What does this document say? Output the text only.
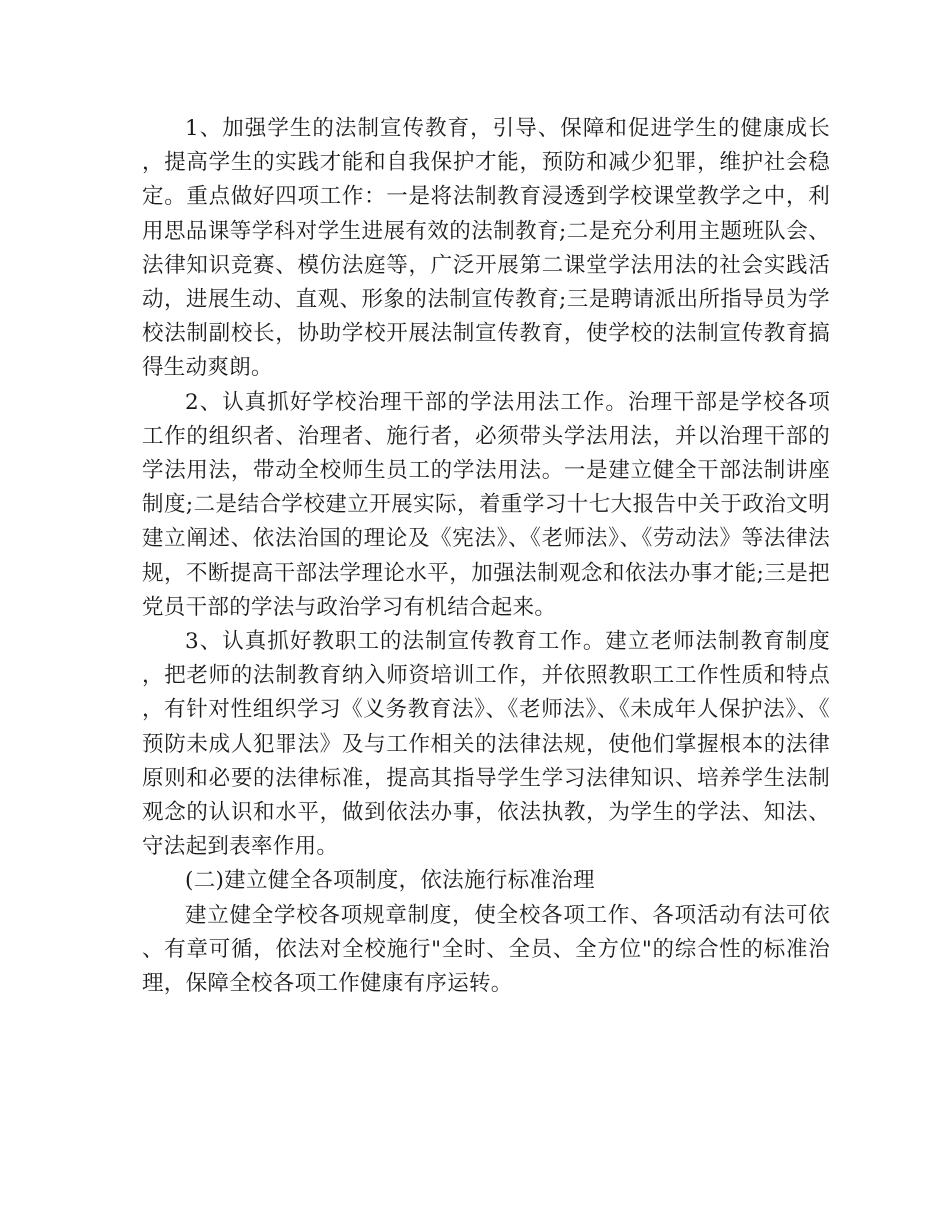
1、加强学生的法制宣传教育，引导、保障和促进学生的健康成长，提高学生的实践才能和自我保护才能，预防和减少犯罪，维护社会稳定。重点做好四项工作：一是将法制教育浸透到学校课堂教学之中，利用思品课等学科对学生进展有效的法制教育;二是充分利用主题班队会、法律知识竞赛、模仿法庭等，广泛开展第二课堂学法用法的社会实践活动，进展生动、直观、形象的法制宣传教育;三是聘请派出所指导员为学校法制副校长，协助学校开展法制宣传教育，使学校的法制宣传教育搞得生动爽朗。

2、认真抓好学校治理干部的学法用法工作。治理干部是学校各项工作的组织者、治理者、施行者，必须带头学法用法，并以治理干部的学法用法，带动全校师生员工的学法用法。一是建立健全干部法制讲座制度;二是结合学校建立开展实际，着重学习十七大报告中关于政治文明建立阐述、依法治国的理论及《宪法》、《老师法》、《劳动法》等法律法规，不断提高干部法学理论水平，加强法制观念和依法办事才能;三是把党员干部的学法与政治学习有机结合起来。

3、认真抓好教职工的法制宣传教育工作。建立老师法制教育制度，把老师的法制教育纳入师资培训工作，并依照教职工工作性质和特点，有针对性组织学习《义务教育法》、《老师法》、《未成年人保护法》、《预防未成人犯罪法》及与工作相关的法律法规，使他们掌握根本的法律原则和必要的法律标准，提高其指导学生学习法律知识、培养学生法制观念的认识和水平，做到依法办事，依法执教，为学生的学法、知法、守法起到表率作用。

(二)建立健全各项制度，依法施行标准治理

建立健全学校各项规章制度，使全校各项工作、各项活动有法可依、有章可循，依法对全校施行"全时、全员、全方位"的综合性的标准治理，保障全校各项工作健康有序运转。
